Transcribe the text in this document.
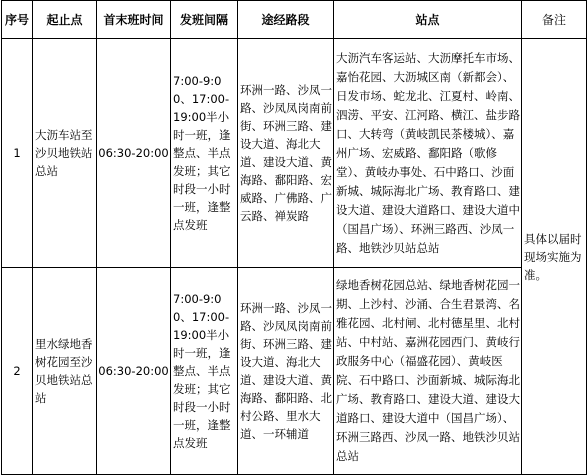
序号	起止点	首末班时间	发班间隔	途经路段	站点	备注
1	大沥车站至沙贝地铁站总站	06:30-20:00	7:00-9:00、17:00-19:00半小时一班，逢整点、半点发班；其它时段一小时一班，逢整点发班	环洲一路、沙凤一路、沙凤凤岗南前街、环洲三路、建设大道、海北大道、建设大道、黄海路、鄱阳路、宏威路、广佛路、广云路、禅炭路	大沥汽车客运站、大沥摩托车市场、嘉怡花园、大沥城区南（新都会）、日发市场、蛇龙北、江夏村、岭南、泗涝、平安、江河路、横江、盐步路口、大转弯（黄岐凯民茶楼城）、嘉州广场、宏威路、鄱阳路（歌修堂）、黄岐办事处、石中路口、沙面新城、城际海北广场、教育路口、建设大道、建设大道路口、建设大道中（国昌广场）、环洲三路西、沙凤一路、地铁沙贝站总站	具体以届时现场实施为准。
2	里水绿地香树花园至沙贝地铁站总站	06:30-20:00	7:00-9:00、17:00-19:00半小时一班，逢整点、半点发班；其它时段一小时一班，逢整点发班	环洲一路、沙凤一路、沙凤凤岗南前街、环洲三路、建设大道、海北大道、建设大道、黄海路、鄱阳路、北村公路、里水大道、一环辅道	绿地香树花园总站、绿地香树花园一期、上沙村、沙涌、合生君景湾、名雅花园、北村闸、北村德星里、北村站、中村站、嘉洲花园西门、黄岐行政服务中心（福盛花园）、黄岐医院、石中路口、沙面新城、城际海北广场、教育路口、建设大道、建设大道路口、建设大道中（国昌广场）、环洲三路西、沙凤一路、地铁沙贝站总站	
